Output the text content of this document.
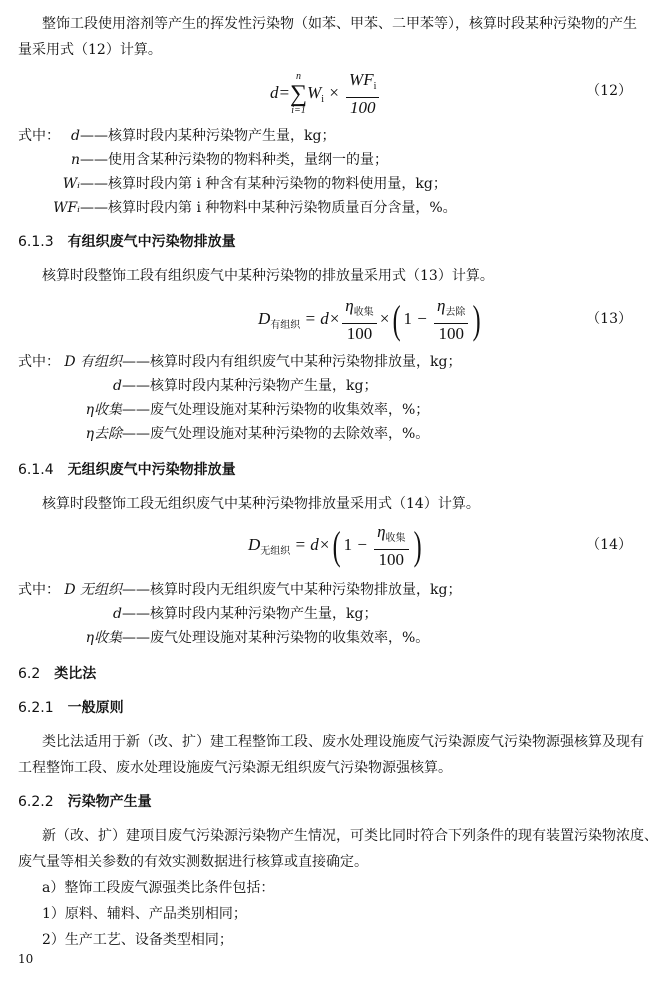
整饰工段使用溶剂等产生的挥发性污染物（如苯、甲苯、二甲苯等），核算时段某种污染物的产生
量采用式（12）计算。
d=
n
∑
i=1
$W_i \times \frac{WF_i}{100}$	（12）
式中： d——核算时段内某种污染物产生量，kg；
n——使用含某种污染物的物料种类，量纲一的量；
Wᵢ——核算时段内第 i 种含有某种污染物的物料使用量，kg；
WFᵢ——核算时段内第 i 种物料中某种污染物质量百分含量，%。
6.1.3 有组织废气中污染物排放量
核算时段整饰工段有组织废气中某种污染物的排放量采用式（13）计算。
$D_{有组织} = d\times \frac{\eta_{收集}}{100}$ ×( $1 - \frac{\eta_{去除}}{100}$ )	（13）
式中： D 有组织——核算时段内有组织废气中某种污染物排放量，kg；
d——核算时段内某种污染物产生量，kg；
η收集——废气处理设施对某种污染物的收集效率，%；
η去除——废气处理设施对某种污染物的去除效率，%。
6.1.4 无组织废气中污染物排放量
核算时段整饰工段无组织废气中某种污染物排放量采用式（14）计算。
$D_{无组织} = d\times$( $1 - \frac{\eta_{收集}}{100}$ )	（14）
式中： D 无组织——核算时段内无组织废气中某种污染物排放量，kg；
d——核算时段内某种污染物产生量，kg；
η收集——废气处理设施对某种污染物的收集效率，%。
6.2 类比法
6.2.1 一般原则
类比法适用于新（改、扩）建工程整饰工段、废水处理设施废气污染源废气污染物源强核算及现有
工程整饰工段、废水处理设施废气污染源无组织废气污染物源强核算。
6.2.2 污染物产生量
新（改、扩）建项目废气污染源污染物产生情况，可类比同时符合下列条件的现有装置污染物浓度、
废气量等相关参数的有效实测数据进行核算或直接确定。
a）整饰工段废气源强类比条件包括：
1）原料、辅料、产品类别相同；
2）生产工艺、设备类型相同；
10
